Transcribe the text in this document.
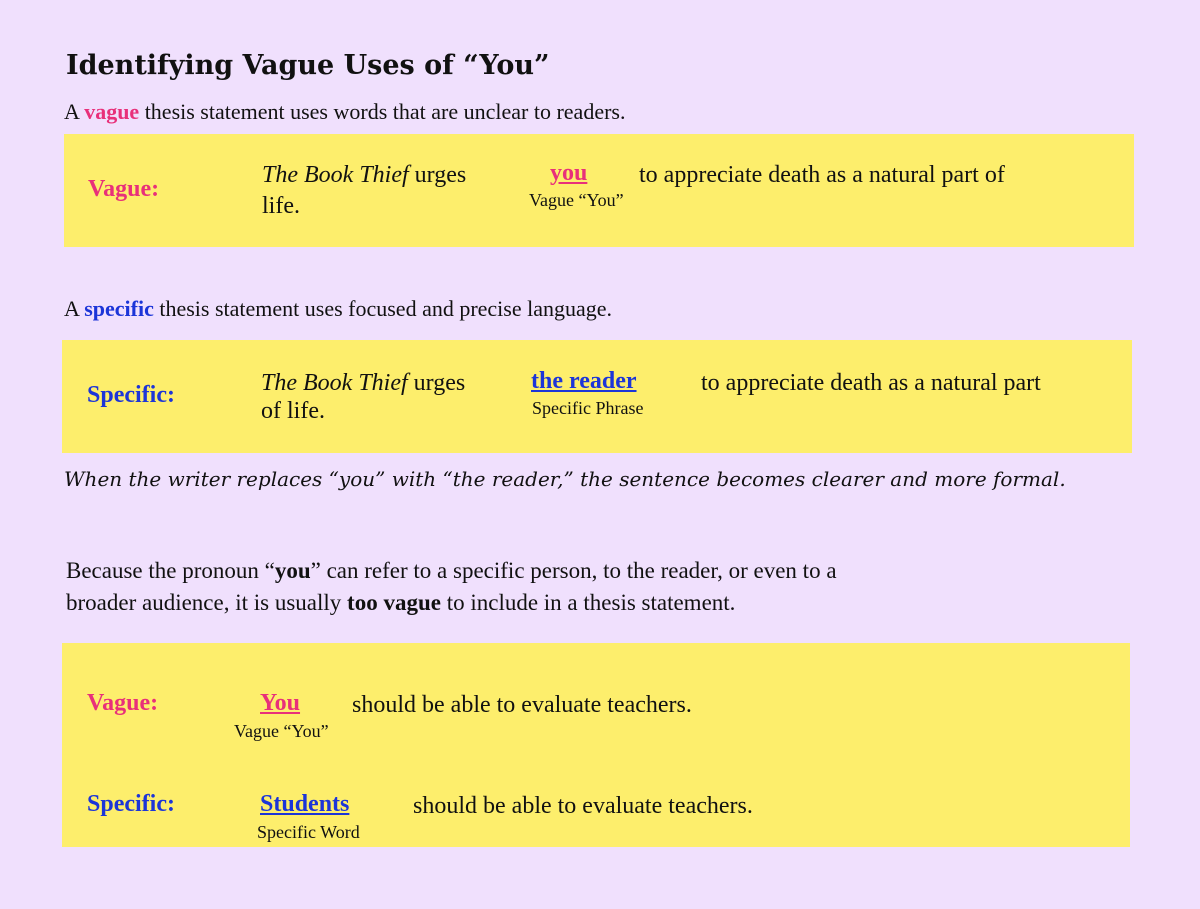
Identifying Vague Uses of “You”
A vague thesis statement uses words that are unclear to readers.
Vague:
The Book Thief urges	you
Vague “You”
to appreciate death as a natural part of
life.
A specific thesis statement uses focused and precise language.
Specific:	The Book Thief urges	the reader
Specific Phrase
to appreciate death as a natural part
of life.
When the writer replaces “you” with “the reader,” the sentence becomes clearer and more formal.
Because the pronoun “you” can refer to a specific person, to the reader, or even to a
broader audience, it is usually too vague to include in a thesis statement.
Vague:	You
Vague “You”
should be able to evaluate teachers.
Specific:	Students
Specific Word
should be able to evaluate teachers.
